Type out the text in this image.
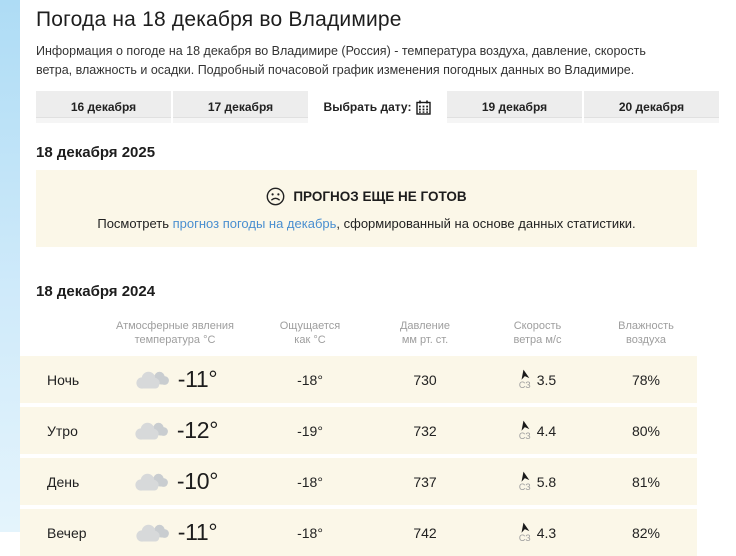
Погода на 18 декабря во Владимире

Информация о погоде на 18 декабря во Владимире (Россия) - температура воздуха, давление, скорость ветра, влажность и осадки. Подробный почасовой график изменения погодных данных во Владимире.

16 декабря	17 декабря	Выбрать дату:	19 декабря	20 декабря
18 декабря 2025
ПРОГНОЗ ЕЩЕ НЕ ГОТОВ
Посмотреть прогноз погоды на декабрь, сформированный на основе данных статистики.
18 декабря 2024
Атмосферные явления
температура °С
Ощущается
как °С
Давление
мм рт. ст.
Скорость
ветра м/с
Влажность
воздуха
Ночь	-11°	-18°	730	СЗ 3.5	78%
Утро	-12°	-19°	732	СЗ 4.4	80%
День	-10°	-18°	737	СЗ 5.8	81%
Вечер	-11°	-18°	742	СЗ 4.3	82%
